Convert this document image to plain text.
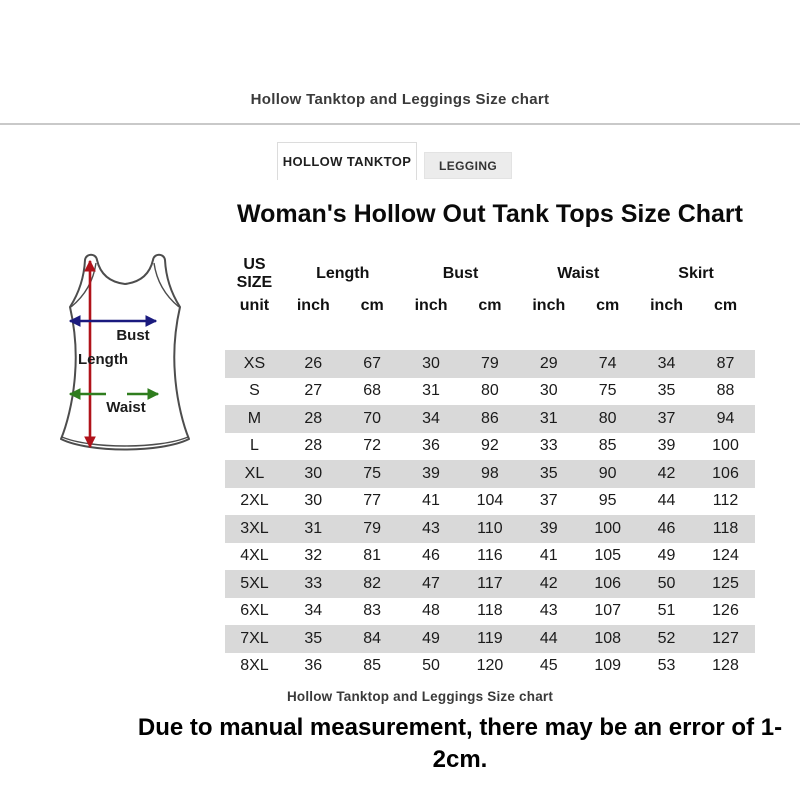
Hollow Tanktop and Leggings Size chart
HOLLOW TANKTOP	LEGGING
Woman's Hollow Out Tank Tops Size Chart
Bust
Length
Waist
US SIZE	Length		Bust		Waist		Skirt	
unit	inch	cm	inch	cm	inch	cm	inch	cm

XS	26	67	30	79	29	74	34	87
S	27	68	31	80	30	75	35	88
M	28	70	34	86	31	80	37	94
L	28	72	36	92	33	85	39	100
XL	30	75	39	98	35	90	42	106
2XL	30	77	41	104	37	95	44	112
3XL	31	79	43	110	39	100	46	118
4XL	32	81	46	116	41	105	49	124
5XL	33	82	47	117	42	106	50	125
6XL	34	83	48	118	43	107	51	126
7XL	35	84	49	119	44	108	52	127
8XL	36	85	50	120	45	109	53	128
Hollow Tanktop and Leggings Size chart
Due to manual measurement, there may be an error of 1-2cm.
